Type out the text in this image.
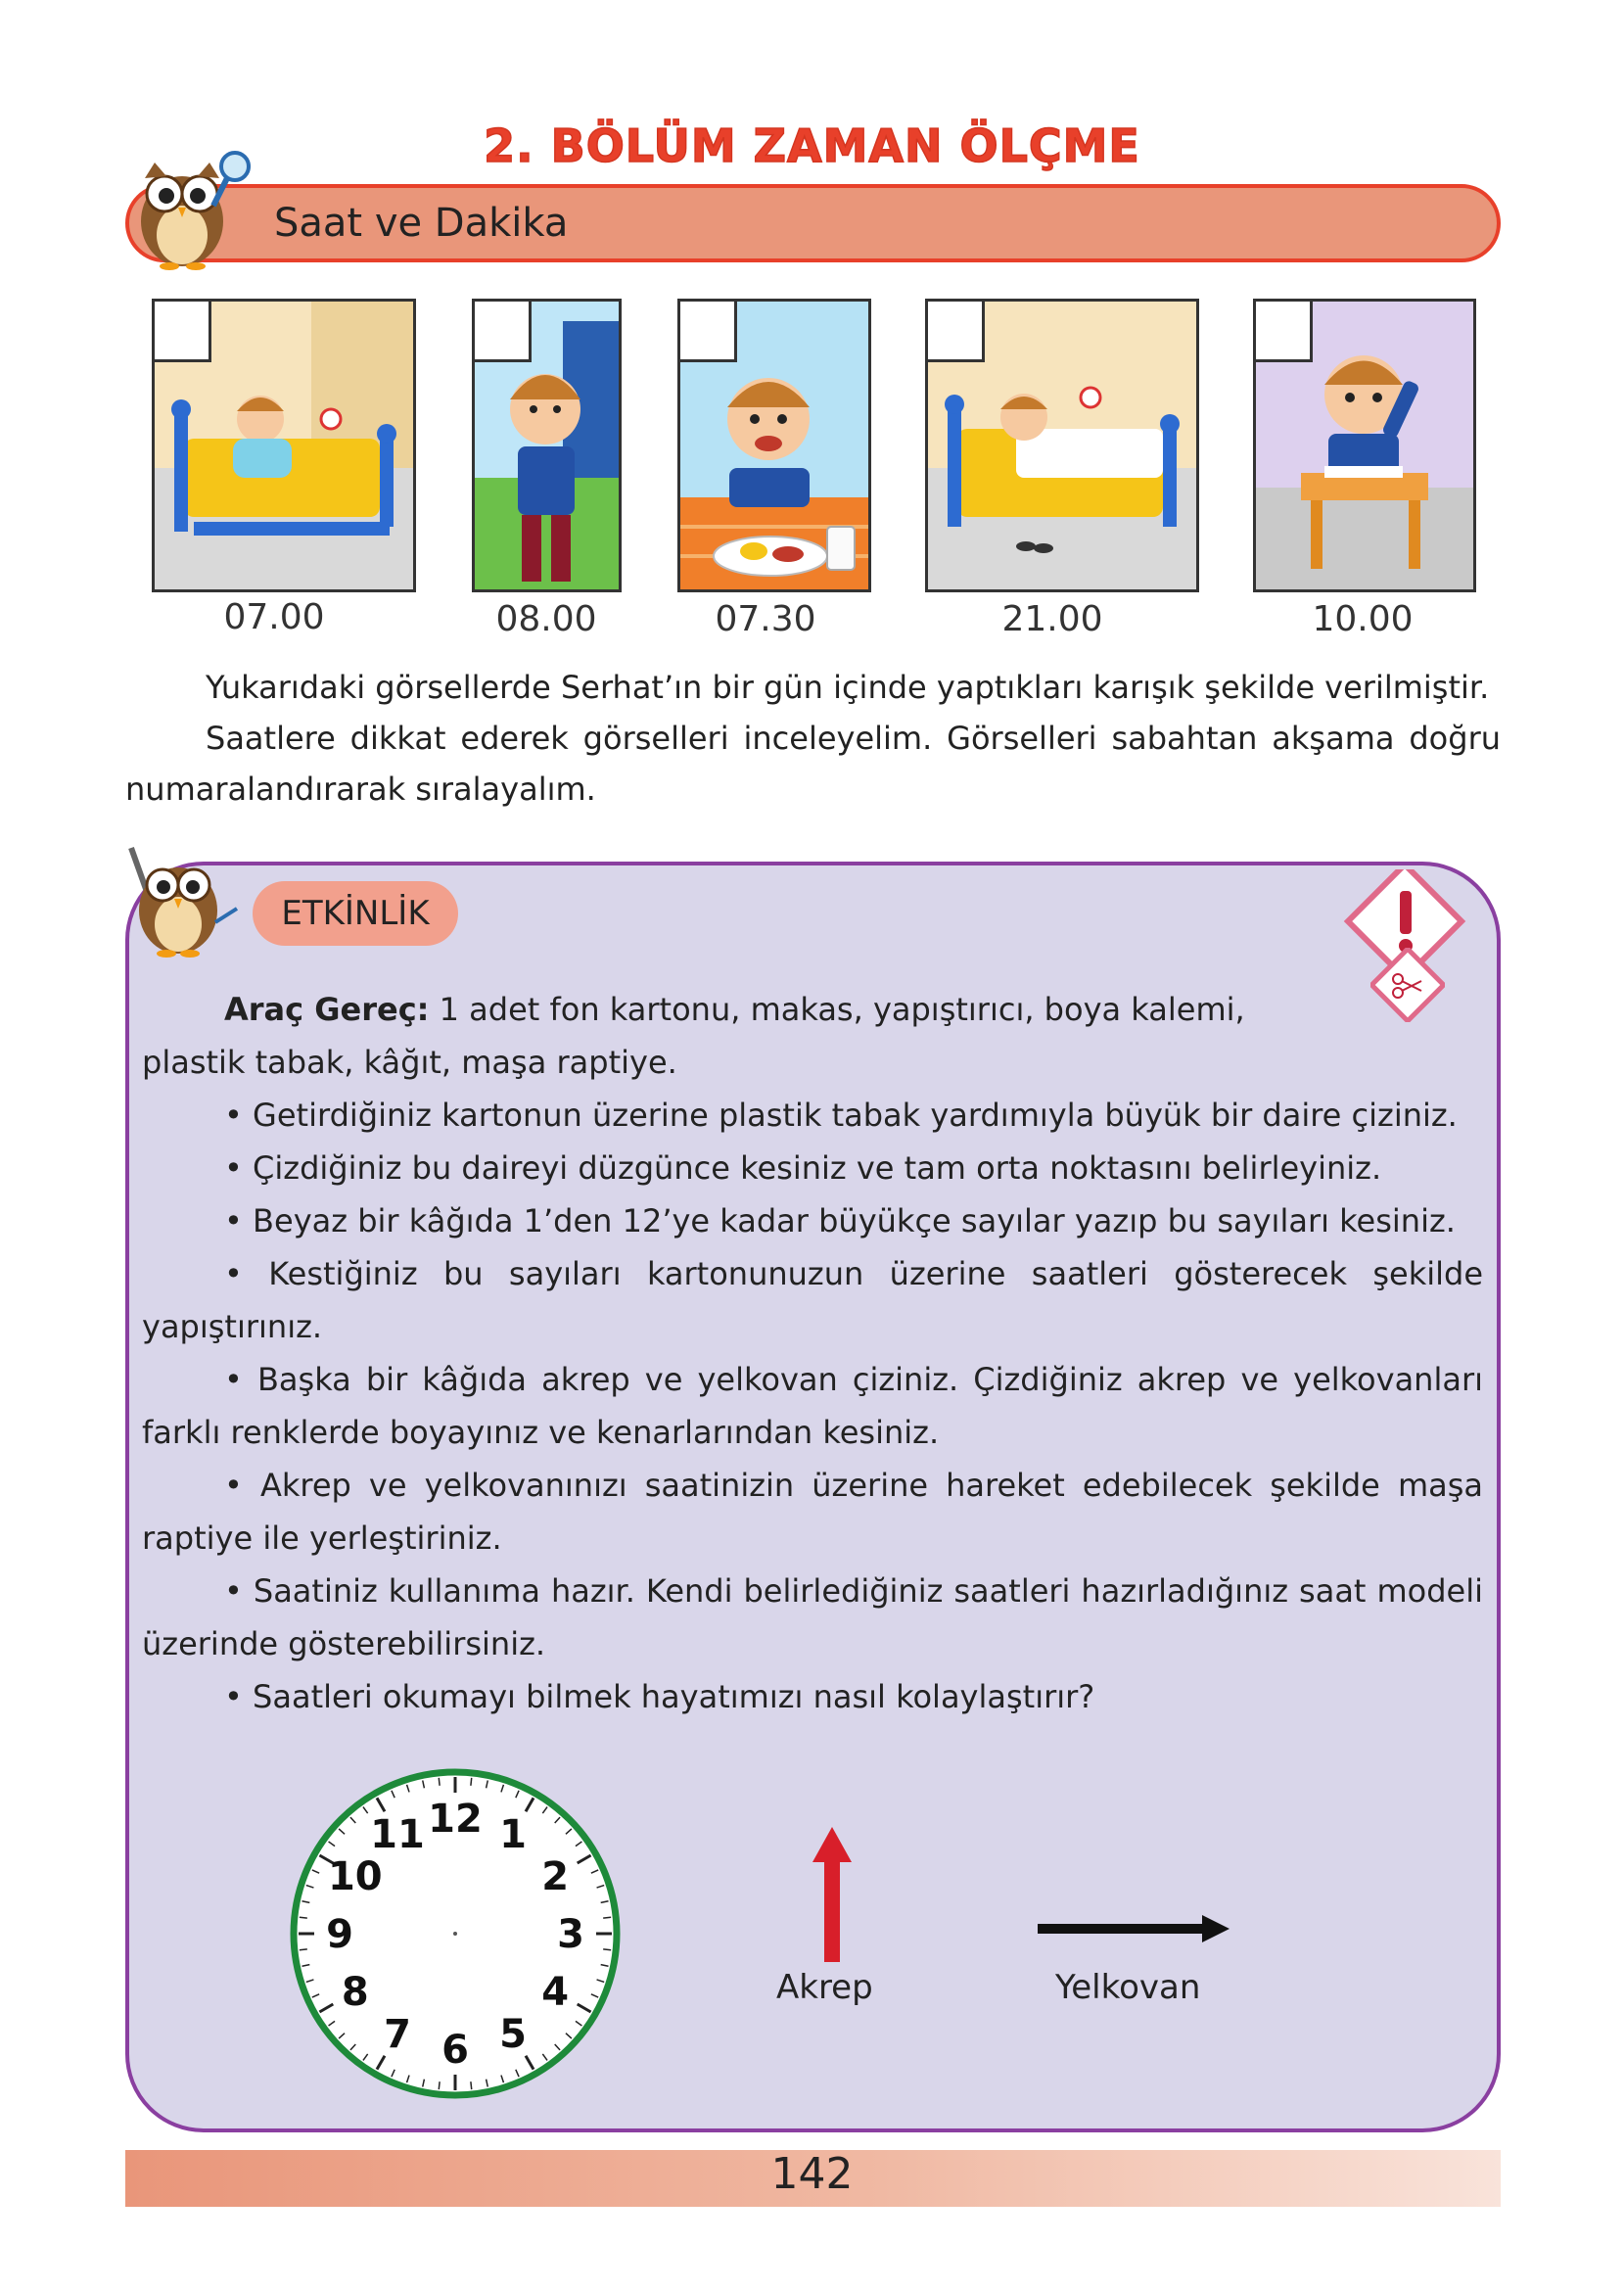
2. BÖLÜM ZAMAN ÖLÇME
Saat ve Dakika
07.00	08.00	07.30	21.00	10.00
Yukarıdaki görsellerde Serhat’ın bir gün içinde yaptıkları karışık şekilde verilmiştir.
Saatlere dikkat ederek görselleri inceleyelim. Görselleri sabahtan akşama doğru numaralandırarak sıralayalım.
ETKİNLİK
Araç Gereç: 1 adet fon kartonu, makas, yapıştırıcı, boya kalemi, plastik tabak, kâğıt, maşa raptiye.
• Getirdiğiniz kartonun üzerine plastik tabak yardımıyla büyük bir daire çiziniz.
• Çizdiğiniz bu daireyi düzgünce kesiniz ve tam orta noktasını belirleyiniz.
• Beyaz bir kâğıda 1’den 12’ye kadar büyükçe sayılar yazıp bu sayıları kesiniz.
• Kestiğiniz bu sayıları kartonunuzun üzerine saatleri gösterecek şekilde yapıştırınız.
• Başka bir kâğıda akrep ve yelkovan çiziniz. Çizdiğiniz akrep ve yelkovanları farklı renklerde boyayınız ve kenarlarından kesiniz.
• Akrep ve yelkovanınızı saatinizin üzerine hareket edebilecek şekilde maşa raptiye ile yerleştiriniz.
• Saatiniz kullanıma hazır. Kendi belirlediğiniz saatleri hazırladığınız saat modeli üzerinde gösterebilirsiniz.
• Saatleri okumayı bilmek hayatımızı nasıl kolaylaştırır?
12 1
2
3
4
5
6
7
8
9
10
11
Akrep	Yelkovan
142
